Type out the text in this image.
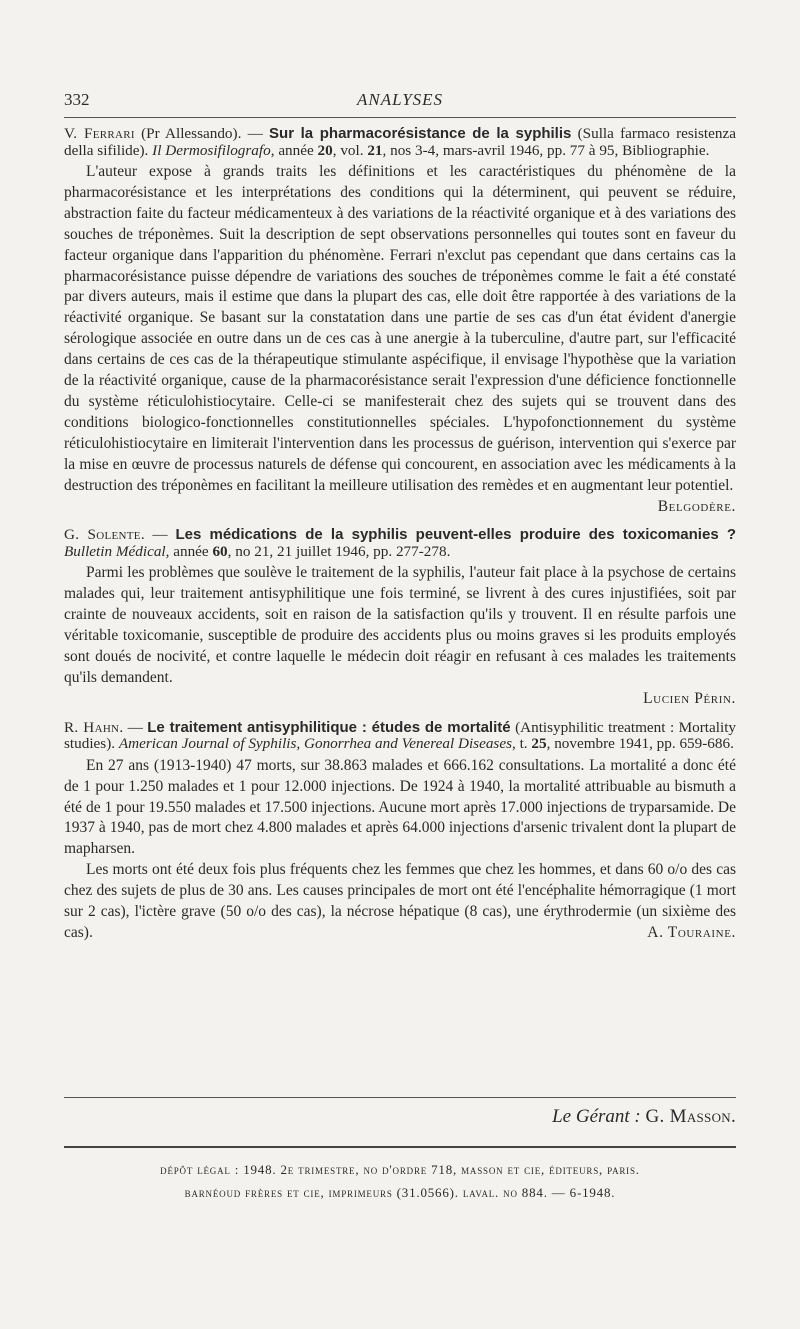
332	ANALYSES

V. Ferrari (Pr Allessando). — Sur la pharmacorésistance de la syphilis (Sulla farmaco resistenza della sifilide). Il Dermosifilografo, année 20, vol. 21, nos 3-4, mars-avril 1946, pp. 77 à 95, Bibliographie.

L'auteur expose à grands traits les définitions et les caractéristiques du phénomène de la pharmacorésistance et les interprétations des conditions qui la déterminent, qui peuvent se réduire, abstraction faite du facteur médicamenteux à des variations de la réactivité organique et à des variations des souches de tréponèmes. Suit la description de sept observations personnelles qui toutes sont en faveur du facteur organique dans l'apparition du phénomène. Ferrari n'exclut pas cependant que dans certains cas la pharmacorésistance puisse dépendre de variations des souches de tréponèmes comme le fait a été constaté par divers auteurs, mais il estime que dans la plupart des cas, elle doit être rapportée à des variations de la réactivité organique. Se basant sur la constatation dans une partie de ses cas d'un état évident d'anergie sérologique associée en outre dans un de ces cas à une anergie à la tuberculine, d'autre part, sur l'efficacité dans certains de ces cas de la thérapeutique stimulante aspécifique, il envisage l'hypothèse que la variation de la réactivité organique, cause de la pharmacorésistance serait l'expression d'une déficience fonctionnelle du système réticulohistiocytaire. Celle-ci se manifesterait chez des sujets qui se trouvent dans des conditions biologico-fonctionnelles constitutionnelles spéciales. L'hypofonctionnement du système réticulohistiocytaire en limiterait l'intervention dans les processus de guérison, intervention qui s'exerce par la mise en œuvre de processus naturels de défense qui concourent, en association avec les médicaments à la destruction des tréponèmes en facilitant la meilleure utilisation des remèdes et en augmentant leur potentiel.

Belgodère.

G. Solente. — Les médications de la syphilis peuvent-elles produire des toxicomanies ? Bulletin Médical, année 60, no 21, 21 juillet 1946, pp. 277-278.

Parmi les problèmes que soulève le traitement de la syphilis, l'auteur fait place à la psychose de certains malades qui, leur traitement antisyphilitique une fois terminé, se livrent à des cures injustifiées, soit par crainte de nouveaux accidents, soit en raison de la satisfaction qu'ils y trouvent. Il en résulte parfois une véritable toxicomanie, susceptible de produire des accidents plus ou moins graves si les produits employés sont doués de nocivité, et contre laquelle le médecin doit réagir en refusant à ces malades les traitements qu'ils demandent.

Lucien Périn.

R. Hahn. — Le traitement antisyphilitique : études de mortalité (Antisyphilitic treatment : Mortality studies). American Journal of Syphilis, Gonorrhea and Venereal Diseases, t. 25, novembre 1941, pp. 659-686.

En 27 ans (1913-1940) 47 morts, sur 38.863 malades et 666.162 consultations. La mortalité a donc été de 1 pour 1.250 malades et 1 pour 12.000 injections. De 1924 à 1940, la mortalité attribuable au bismuth a été de 1 pour 19.550 malades et 17.500 injections. Aucune mort après 17.000 injections de tryparsamide. De 1937 à 1940, pas de mort chez 4.800 malades et après 64.000 injections d'arsenic trivalent dont la plupart de mapharsen.

Les morts ont été deux fois plus fréquents chez les femmes que chez les hommes, et dans 60 o/o des cas chez des sujets de plus de 30 ans. Les causes principales de mort ont été l'encéphalite hémorragique (1 mort sur 2 cas), l'ictère grave (50 o/o des cas), la nécrose hépatique (8 cas), une érythrodermie (un sixième des cas).	A. Touraine.

Le Gérant : G. Masson.
dépôt légal : 1948. 2e trimestre, no d'ordre 718, masson et cie, éditeurs, paris.
barnéoud frères et cie, imprimeurs (31.0566). laval. no 884. — 6-1948.
